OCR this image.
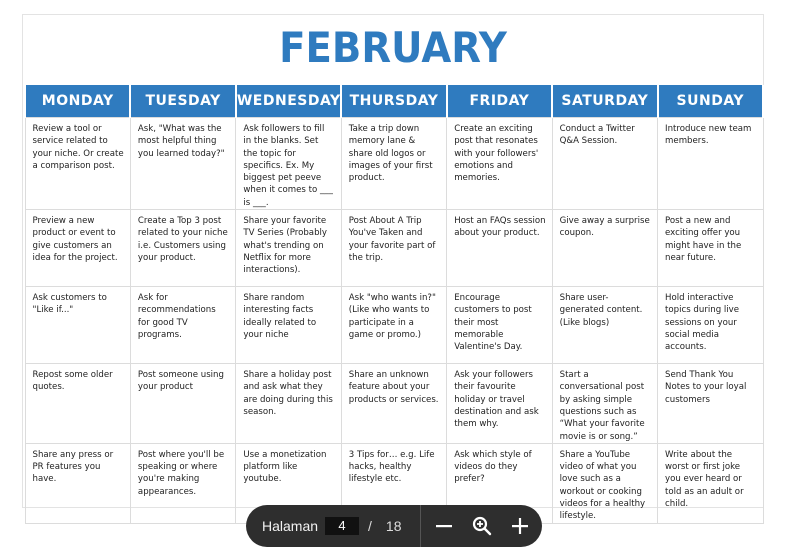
FEBRUARY
MONDAY	TUESDAY	WEDNESDAY	THURSDAY	FRIDAY	SATURDAY	SUNDAY
Review a tool or service related to your niche. Or create a comparison post.	Ask, "What was the most helpful thing you learned today?"	Ask followers to fill in the blanks. Set the topic for specifics. Ex. My biggest pet peeve when it comes to ___ is ___.	Take a trip down memory lane & share old logos or images of your first product.	Create an exciting post that resonates with your followers' emotions and memories.	Conduct a Twitter Q&A Session.	Introduce new team members.
Preview a new product or event to give customers an idea for the project.	Create a Top 3 post related to your niche i.e. Customers using your product.	Share your favorite TV Series (Probably what's trending on Netflix for more interactions).	Post About A Trip You've Taken and your favorite part of the trip.	Host an FAQs session about your product.	Give away a surprise coupon.	Post a new and exciting offer you might have in the near future.
Ask customers to "Like if..."	Ask for recommendations for good TV programs.	Share random interesting facts ideally related to your niche	Ask "who wants in?" (Like who wants to participate in a game or promo.)	Encourage customers to post their most memorable Valentine's Day.	Share user-generated content. (Like blogs)	Hold interactive topics during live sessions on your social media accounts.
Repost some older quotes.	Post someone using your product	Share a holiday post and ask what they are doing during this season.	Share an unknown feature about your products or services.	Ask your followers their favourite holiday or travel destination and ask them why.	Start a conversational post by asking simple questions such as “What your favorite movie is or song.”	Send Thank You Notes to your loyal customers
Share any press or PR features you have.	Post where you'll be speaking or where you're making appearances.	Use a monetization platform like youtube.	3 Tips for… e.g. Life hacks, healthy lifestyle etc.	Ask which style of videos do they prefer?	Share a YouTube video of what you love such as a workout or cooking videos for a healthy lifestyle.	Write about the worst or first joke you ever heard or told as an adult or child.
Halaman
4	/ 18
